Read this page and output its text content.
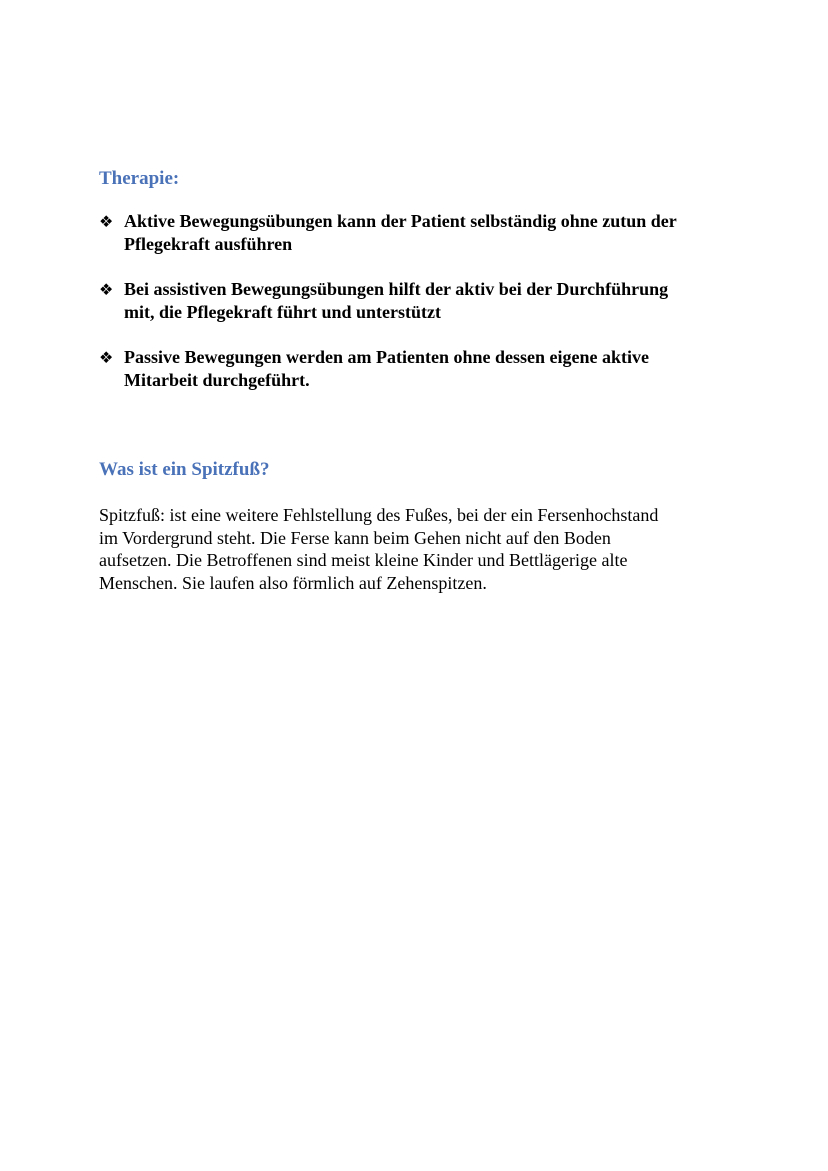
Therapie:
❖ Aktive Bewegungsübungen kann der Patient selbständig ohne zutun der
Pflegekraft ausführen
❖ Bei assistiven Bewegungsübungen hilft der aktiv bei der Durchführung
mit, die Pflegekraft führt und unterstützt
❖ Passive Bewegungen werden am Patienten ohne dessen eigene aktive
Mitarbeit durchgeführt.
Was ist ein Spitzfuß?

Spitzfuß: ist eine weitere Fehlstellung des Fußes, bei der ein Fersenhochstand
im Vordergrund steht. Die Ferse kann beim Gehen nicht auf den Boden
aufsetzen. Die Betroffenen sind meist kleine Kinder und Bettlägerige alte
Menschen. Sie laufen also förmlich auf Zehenspitzen.
